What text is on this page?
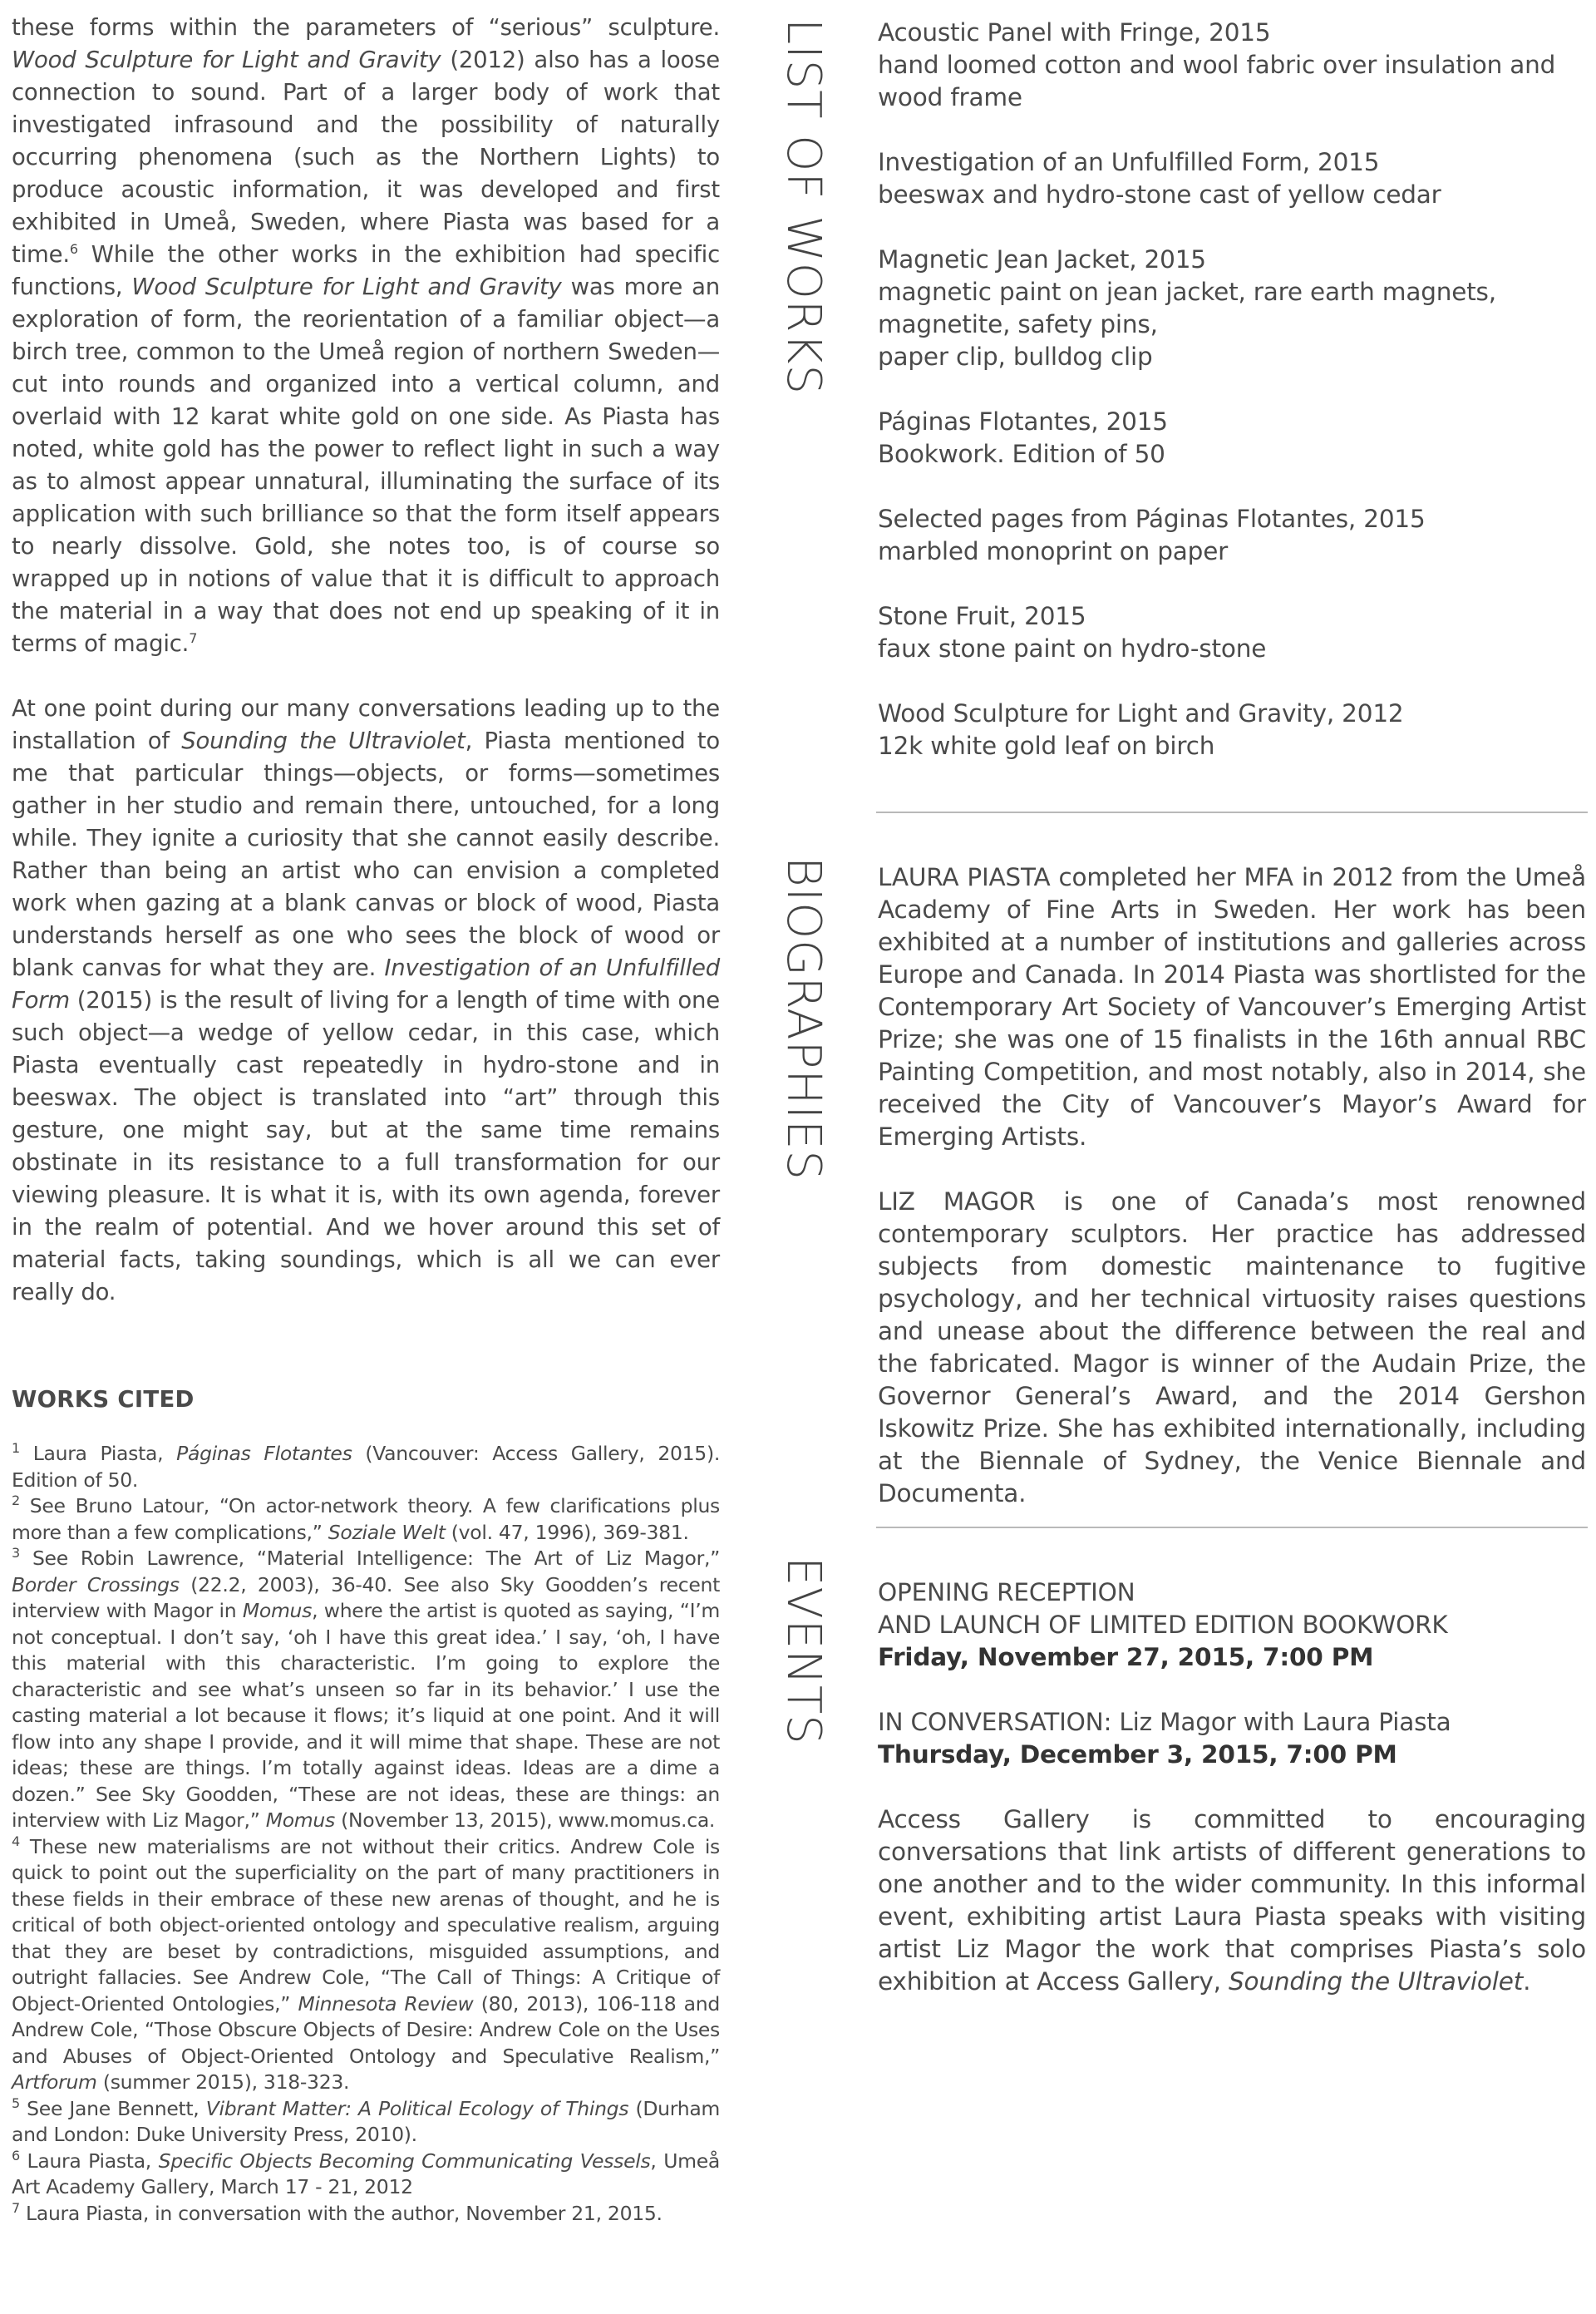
these forms within the parameters of “serious” sculpture. Wood Sculpture for Light and Gravity (2012) also has a loose connection to sound. Part of a larger body of work that investigated infrasound and the possibility of naturally occurring phenomena (such as the Northern Lights) to produce acoustic information, it was developed and first exhibited in Umeå, Sweden, where Piasta was based for a time.$^6$ While the other works in the exhibition had specific functions, Wood Sculpture for Light and Gravity was more an exploration of form, the reorientation of a familiar object—a birch tree, common to the Umeå region of northern Sweden—cut into rounds and organized into a vertical column, and overlaid with 12 karat white gold on one side. As Piasta has noted, white gold has the power to reflect light in such a way as to almost appear unnatural, illuminating the surface of its application with such brilliance so that the form itself appears to nearly dissolve. Gold, she notes too, is of course so wrapped up in notions of value that it is difficult to approach the material in a way that does not end up speaking of it in terms of magic.$^7$

At one point during our many conversations leading up to the installation of Sounding the Ultraviolet, Piasta mentioned to me that particular things—objects, or forms—sometimes gather in her studio and remain there, untouched, for a long while. They ignite a curiosity that she cannot easily describe. Rather than being an artist who can envision a completed work when gazing at a blank canvas or block of wood, Piasta understands herself as one who sees the block of wood or blank canvas for what they are. Investigation of an Unfulfilled Form (2015) is the result of living for a length of time with one such object—a wedge of yellow cedar, in this case, which Piasta eventually cast repeatedly in hydro-stone and in beeswax. The object is translated into “art” through this gesture, one might say, but at the same time remains obstinate in its resistance to a full transformation for our viewing pleasure. It is what it is, with its own agenda, forever in the realm of potential. And we hover around this set of material facts, taking soundings, which is all we can ever really do.

WORKS CITED

$^1$ Laura Piasta, Páginas Flotantes (Vancouver: Access Gallery, 2015). Edition of 50.

$^2$ See Bruno Latour, “On actor-network theory. A few clarifications plus more than a few complications,” Soziale Welt (vol. 47, 1996), 369-381.

$^3$ See Robin Lawrence, “Material Intelligence: The Art of Liz Magor,” Border Crossings (22.2, 2003), 36-40. See also Sky Goodden’s recent interview with Magor in Momus, where the artist is quoted as saying, “I’m not conceptual. I don’t say, ‘oh I have this great idea.’ I say, ‘oh, I have this material with this characteristic. I’m going to explore the characteristic and see what’s unseen so far in its behavior.’ I use the casting material a lot because it flows; it’s liquid at one point. And it will flow into any shape I provide, and it will mime that shape. These are not ideas; these are things. I’m totally against ideas. Ideas are a dime a dozen.” See Sky Goodden, “These are not ideas, these are things: an interview with Liz Magor,” Momus (November 13, 2015), www.momus.ca.

$^4$ These new materialisms are not without their critics. Andrew Cole is quick to point out the superficiality on the part of many practitioners in these fields in their embrace of these new arenas of thought, and he is critical of both object-oriented ontology and speculative realism, arguing that they are beset by contradictions, misguided assumptions, and outright fallacies. See Andrew Cole, “The Call of Things: A Critique of Object-Oriented Ontologies,” Minnesota Review (80, 2013), 106-118 and Andrew Cole, “Those Obscure Objects of Desire: Andrew Cole on the Uses and Abuses of Object-Oriented Ontology and Speculative Realism,” Artforum (summer 2015), 318-323.

$^5$ See Jane Bennett, Vibrant Matter: A Political Ecology of Things (Durham and London: Duke University Press, 2010).

$^6$ Laura Piasta, Specific Objects Becoming Communicating Vessels, Umeå Art Academy Gallery, March 17 - 21, 2012

$^7$ Laura Piasta, in conversation with the author, November 21, 2015.

LIST OF WORKS
BIOGRAPHIES
EVENTS

Acoustic Panel with Fringe, 2015

hand loomed cotton and wool fabric over insulation and wood frame

Investigation of an Unfulfilled Form, 2015

beeswax and hydro-stone cast of yellow cedar

Magnetic Jean Jacket, 2015

magnetic paint on jean jacket, rare earth magnets, magnetite, safety pins,

paper clip, bulldog clip

Páginas Flotantes, 2015

Bookwork. Edition of 50

Selected pages from Páginas Flotantes, 2015

marbled monoprint on paper

Stone Fruit, 2015

faux stone paint on hydro-stone

Wood Sculpture for Light and Gravity, 2012

12k white gold leaf on birch

LAURA PIASTA completed her MFA in 2012 from the Umeå Academy of Fine Arts in Sweden. Her work has been exhibited at a number of institutions and galleries across Europe and Canada. In 2014 Piasta was shortlisted for the Contemporary Art Society of Vancouver’s Emerging Artist Prize; she was one of 15 finalists in the 16th annual RBC Painting Competition, and most notably, also in 2014, she received the City of Vancouver’s Mayor’s Award for Emerging Artists.

LIZ MAGOR is one of Canada’s most renowned contemporary sculptors. Her practice has addressed subjects from domestic maintenance to fugitive psychology, and her technical virtuosity raises questions and unease about the difference between the real and the fabricated. Magor is winner of the Audain Prize, the Governor General’s Award, and the 2014 Gershon Iskowitz Prize. She has exhibited internationally, including at the Biennale of Sydney, the Venice Biennale and Documenta.

OPENING RECEPTION

AND LAUNCH OF LIMITED EDITION BOOKWORK

Friday, November 27, 2015, 7:00 PM

IN CONVERSATION: Liz Magor with Laura Piasta

Thursday, December 3, 2015, 7:00 PM

Access Gallery is committed to encouraging conversations that link artists of different generations to one another and to the wider community. In this informal event, exhibiting artist Laura Piasta speaks with visiting artist Liz Magor the work that comprises Piasta’s solo exhibition at Access Gallery, Sounding the Ultraviolet.
